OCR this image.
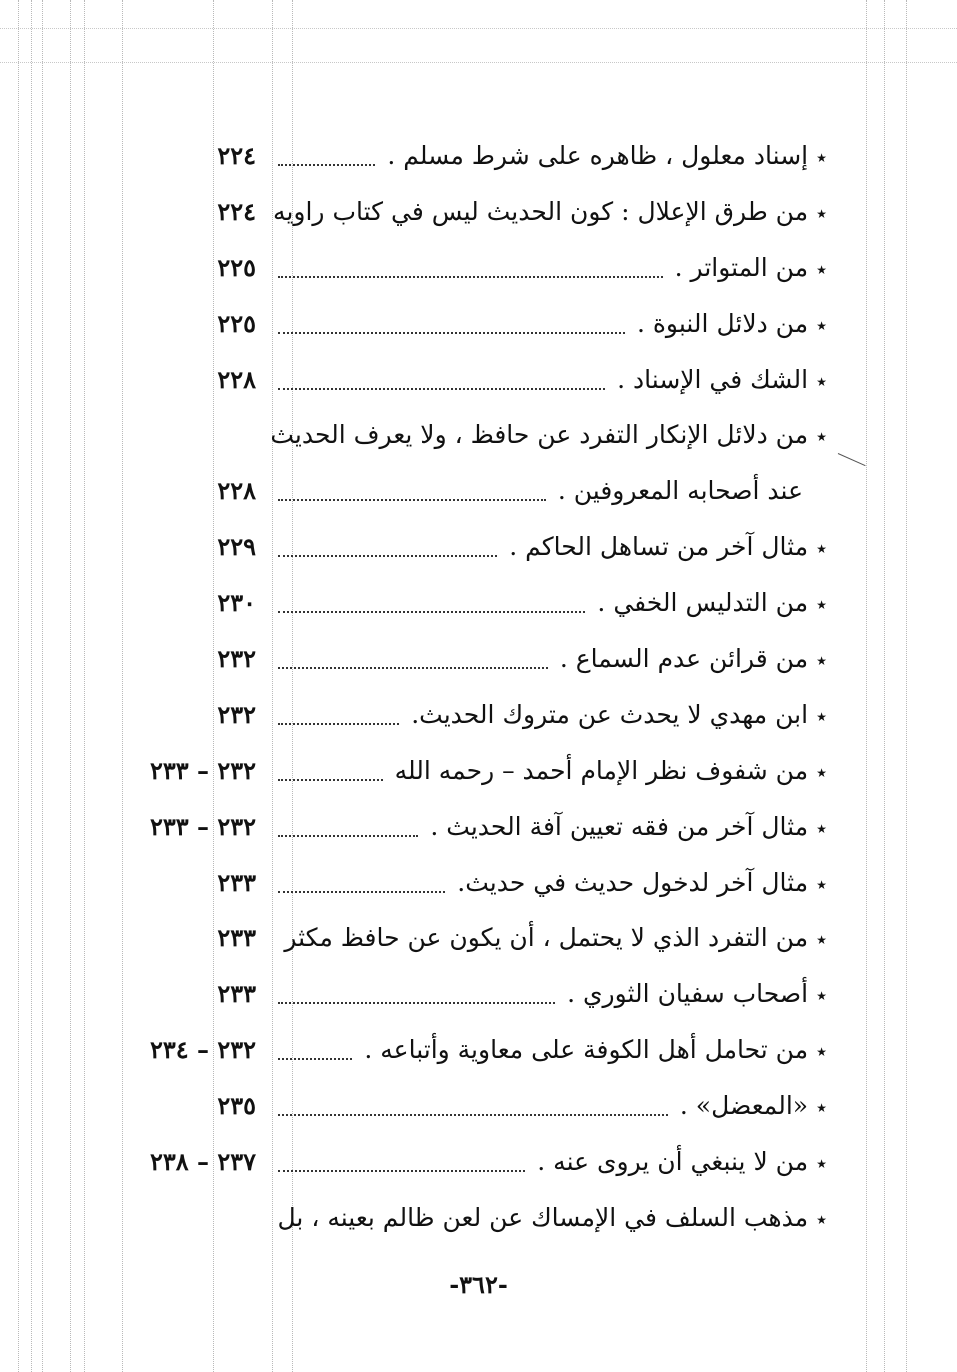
٭إسناد معلول ، ظاهره على شرط مسلم .
٢٢٤
٭من طرق الإعلال : كون الحديث ليس في كتاب راويه
٢٢٤
٭من المتواتر .
٢٢٥
٭من دلائل النبوة .
٢٢٥
٭الشك في الإسناد .
٢٢٨
٭من دلائل الإنكار التفرد عن حافظ ، ولا يعرف الحديث
عند أصحابه المعروفين .
٢٢٨
٭مثال آخر من تساهل الحاكم .
٢٢٩
٭من التدليس الخفي .
٢٣٠
٭من قرائن عدم السماع .
٢٣٢
٭ابن مهدي لا يحدث عن متروك الحديث.
٢٣٢
٭من شفوف نظر الإمام أحمد – رحمه الله
٢٣٢ – ٢٣٣
٭مثال آخر من فقه تعيين آفة الحديث .
٢٣٢ – ٢٣٣
٭مثال آخر لدخول حديث في حديث.
٢٣٣
٭من التفرد الذي لا يحتمل ، أن يكون عن حافظ مكثر
٢٣٣
٭أصحاب سفيان الثوري .
٢٣٣
٭من تحامل أهل الكوفة على معاوية وأتباعه .
٢٣٢ – ٢٣٤
٭«المعضل» .
٢٣٥
٭من لا ينبغي أن يروى عنه .
٢٣٧ – ٢٣٨
٭مذهب السلف في الإمساك عن لعن ظالم بعينه ، بل
-٣٦٢-
